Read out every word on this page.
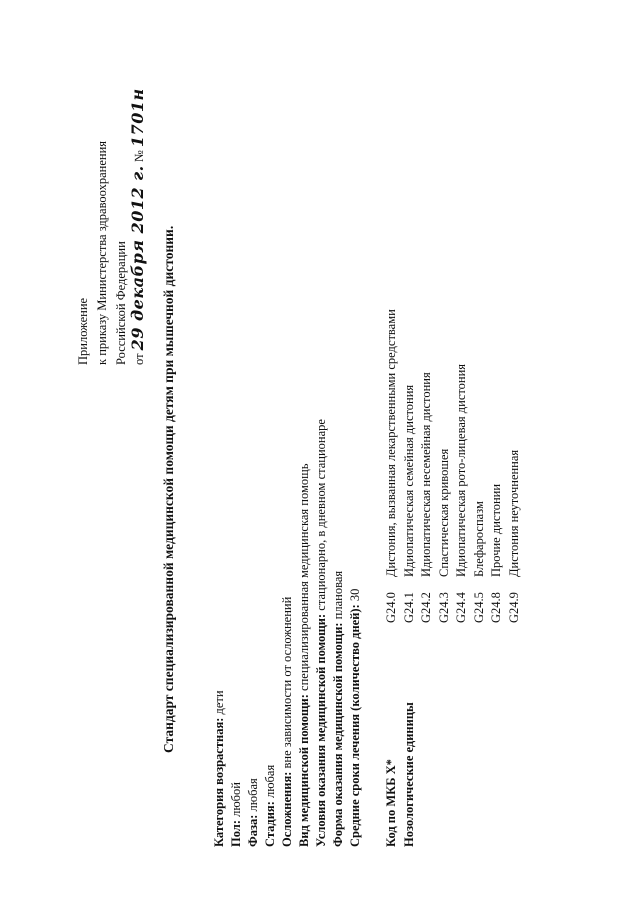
Приложение к приказу Министерства здравоохранения Российской Федерации от 29 декабря 2012 г. № 1701н
Стандарт специализированной медицинской помощи детям при мышечной дистонии.
Категория возрастная: дети
Пол: любой
Фаза: любая
Стадия: любая Осложнения: вне зависимости от осложнений Вид медицинской помощи: специализированная медицинская помощь
Условия оказания медицинской помощи: стационарно, в дневном стационаре
Форма оказания медицинской помощи: плановая
Средние сроки лечения (количество дней): 30
Код по МКБ X* Нозологические единицы
G24.0
Дистония, вызванная лекарственными средствами
G24.1
Идиопатическая семейная дистония
G24.2
Идиопатическая несемейная дистония
G24.3
Спастическая кривошея
G24.4
Идиопатическая рото-лицевая дистония
G24.5
Блефароспазм
G24.8
Прочие дистонии
G24.9
Дистония неуточненная
